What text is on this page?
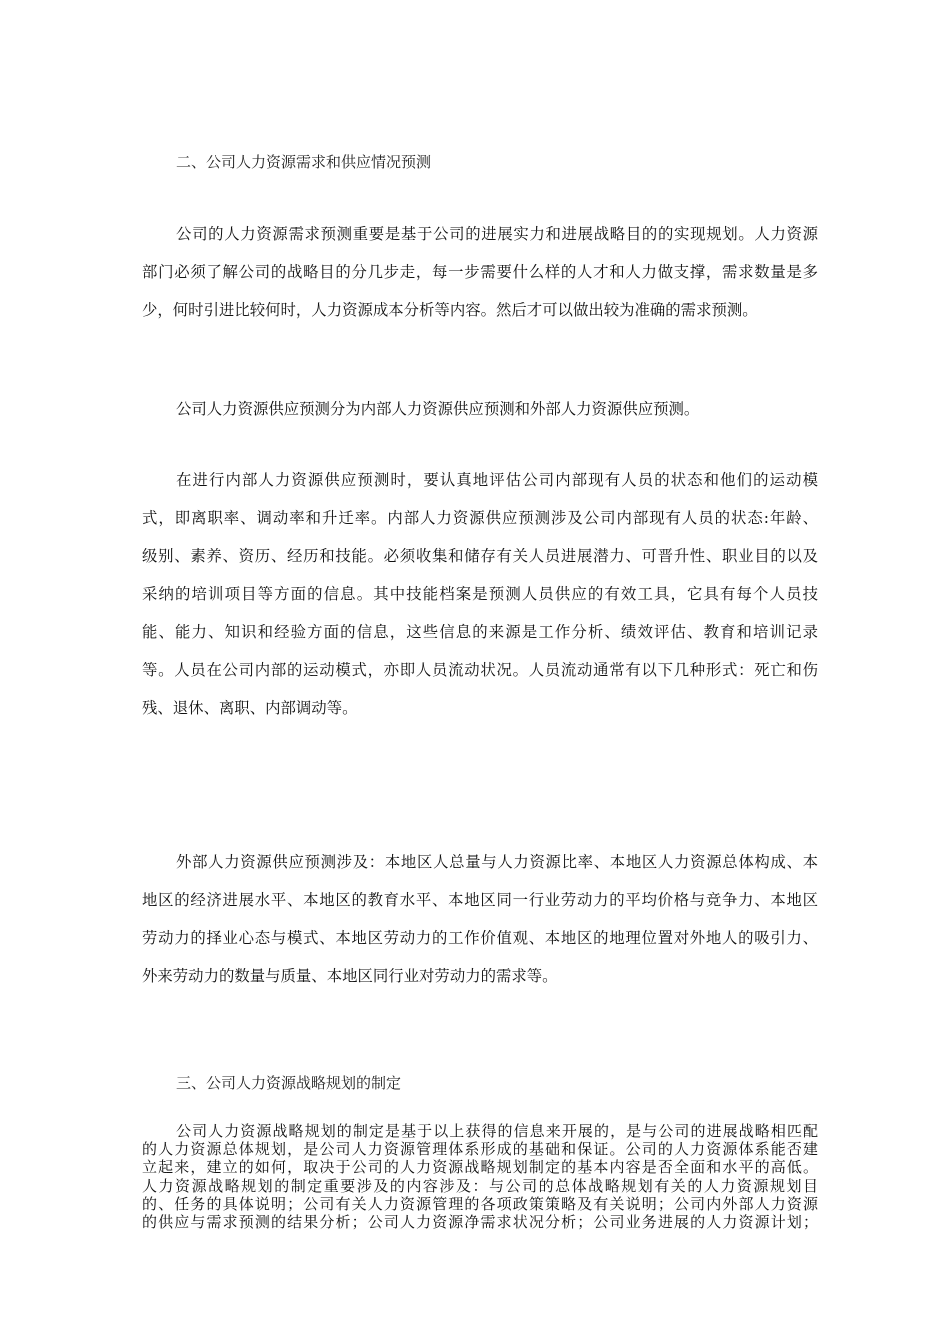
二、公司人力资源需求和供应情况预测
公司的人力资源需求预测重要是基于公司的进展实力和进展战略目的的实现规划。人力资源
部门必须了解公司的战略目的分几步走，每一步需要什么样的人才和人力做支撑，需求数量是多
少，何时引进比较何时，人力资源成本分析等内容。然后才可以做出较为准确的需求预测。
公司人力资源供应预测分为内部人力资源供应预测和外部人力资源供应预测。
在进行内部人力资源供应预测时，要认真地评估公司内部现有人员的状态和他们的运动模
式，即离职率、调动率和升迁率。内部人力资源供应预测涉及公司内部现有人员的状态:年龄、
级别、素养、资历、经历和技能。必须收集和储存有关人员进展潜力、可晋升性、职业目的以及
采纳的培训项目等方面的信息。其中技能档案是预测人员供应的有效工具，它具有每个人员技
能、能力、知识和经验方面的信息，这些信息的来源是工作分析、绩效评估、教育和培训记录
等。人员在公司内部的运动模式，亦即人员流动状况。人员流动通常有以下几种形式：死亡和伤
残、退休、离职、内部调动等。
外部人力资源供应预测涉及：本地区人总量与人力资源比率、本地区人力资源总体构成、本
地区的经济进展水平、本地区的教育水平、本地区同一行业劳动力的平均价格与竞争力、本地区
劳动力的择业心态与模式、本地区劳动力的工作价值观、本地区的地理位置对外地人的吸引力、
外来劳动力的数量与质量、本地区同行业对劳动力的需求等。
三、公司人力资源战略规划的制定
公司人力资源战略规划的制定是基于以上获得的信息来开展的，是与公司的进展战略相匹配
的人力资源总体规划，是公司人力资源管理体系形成的基础和保证。公司的人力资源体系能否建
立起来，建立的如何，取决于公司的人力资源战略规划制定的基本内容是否全面和水平的高低。
人力资源战略规划的制定重要涉及的内容涉及：与公司的总体战略规划有关的人力资源规划目
的、任务的具体说明；公司有关人力资源管理的各项政策策略及有关说明；公司内外部人力资源
的供应与需求预测的结果分析；公司人力资源净需求状况分析；公司业务进展的人力资源计划；
